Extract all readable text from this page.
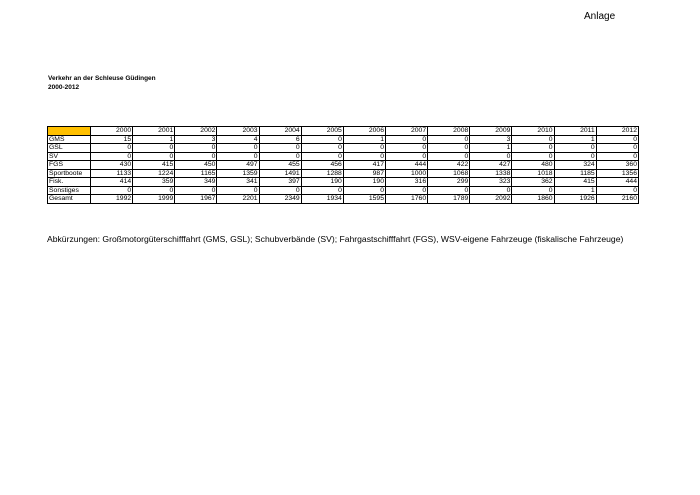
Anlage
Verkehr an der Schleuse Güdingen
2000-2012
	2000	2001	2002	2003	2004	2005	2006	2007	2008	2009	2010	2011	2012
GMS	15	1	3	4	6	0	1	0	0	3	0	1	0
GSL	0	0	0	0	0	0	0	0	0	1	0	0	0
SV	0	0	0	0	0	0	0	0	0	0	0	0	0
FGS	430	415	450	497	455	456	417	444	422	427	480	324	360
Sportboote	1133	1224	1165	1359	1491	1288	987	1000	1068	1338	1018	1185	1356
Fisk.	414	359	349	341	397	190	190	316	299	323	362	415	444
Sonstiges	0	0	0	0	0	0	0	0	0	0	0	1	0
Gesamt	1992	1999	1967	2201	2349	1934	1595	1760	1789	2092	1860	1926	2160
Abkürzungen: Großmotorgüterschifffahrt (GMS, GSL); Schubverbände (SV); Fahrgastschifffahrt (FGS), WSV-eigene Fahrzeuge (fiskalische Fahrzeuge)
